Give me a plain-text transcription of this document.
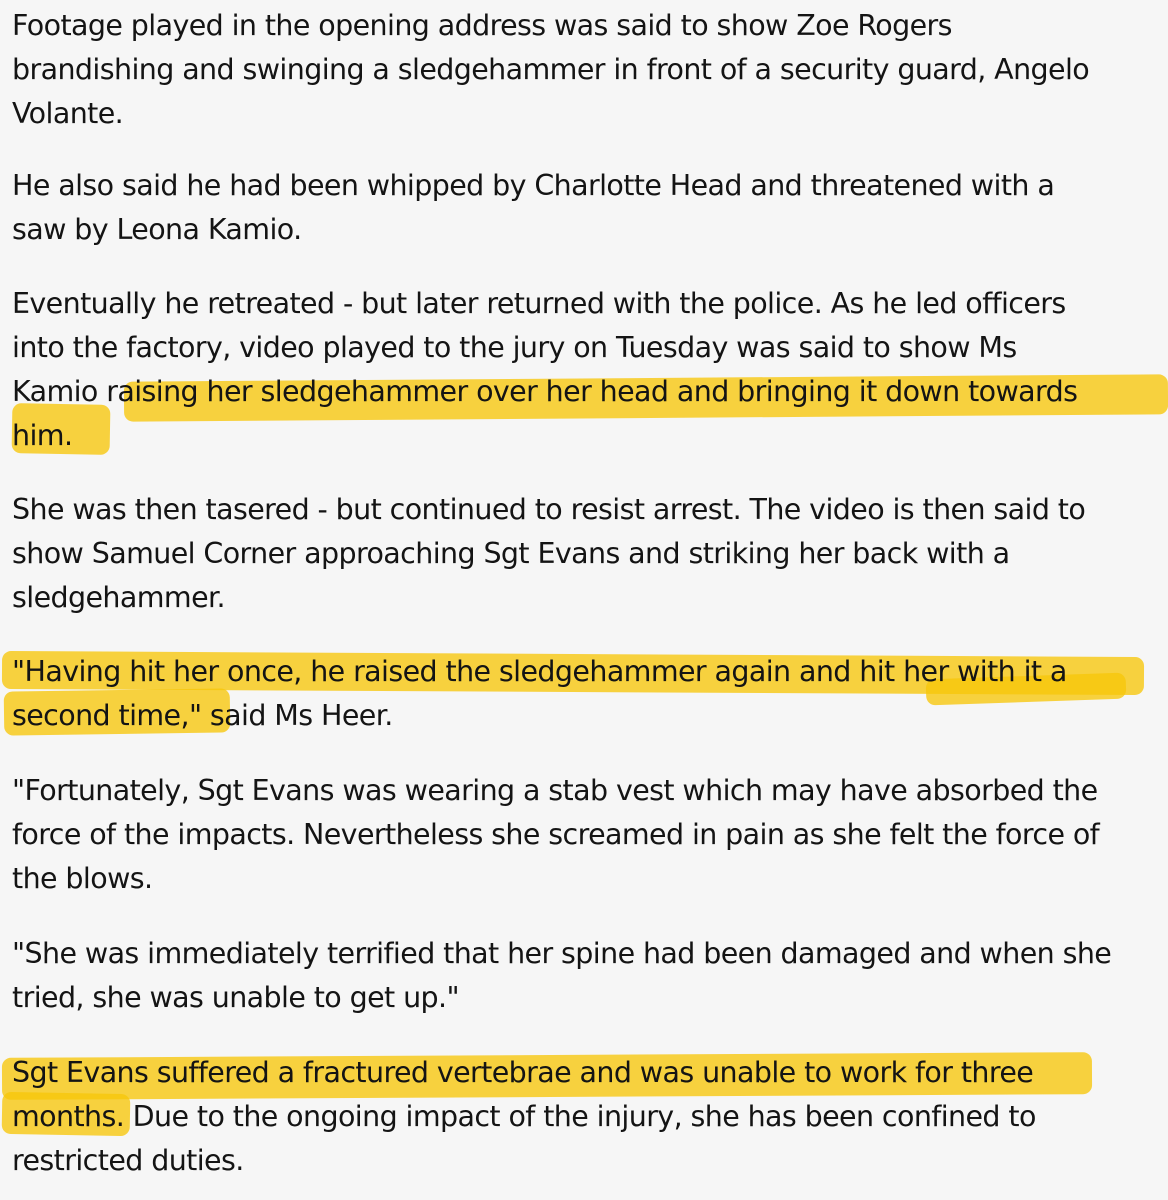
Footage played in the opening address was said to show Zoe Rogers
brandishing and swinging a sledgehammer in front of a security guard, Angelo
Volante.

He also said he had been whipped by Charlotte Head and threatened with a
saw by Leona Kamio.

Eventually he retreated - but later returned with the police. As he led officers
into the factory, video played to the jury on Tuesday was said to show Ms
Kamio raising her sledgehammer over her head and bringing it down towards
him.

She was then tasered - but continued to resist arrest. The video is then said to
show Samuel Corner approaching Sgt Evans and striking her back with a
sledgehammer.

"Having hit her once, he raised the sledgehammer again and hit her with it a
second time," said Ms Heer.

"Fortunately, Sgt Evans was wearing a stab vest which may have absorbed the
force of the impacts. Nevertheless she screamed in pain as she felt the force of
the blows.

"She was immediately terrified that her spine had been damaged and when she
tried, she was unable to get up."

Sgt Evans suffered a fractured vertebrae and was unable to work for three
months. Due to the ongoing impact of the injury, she has been confined to
restricted duties.
